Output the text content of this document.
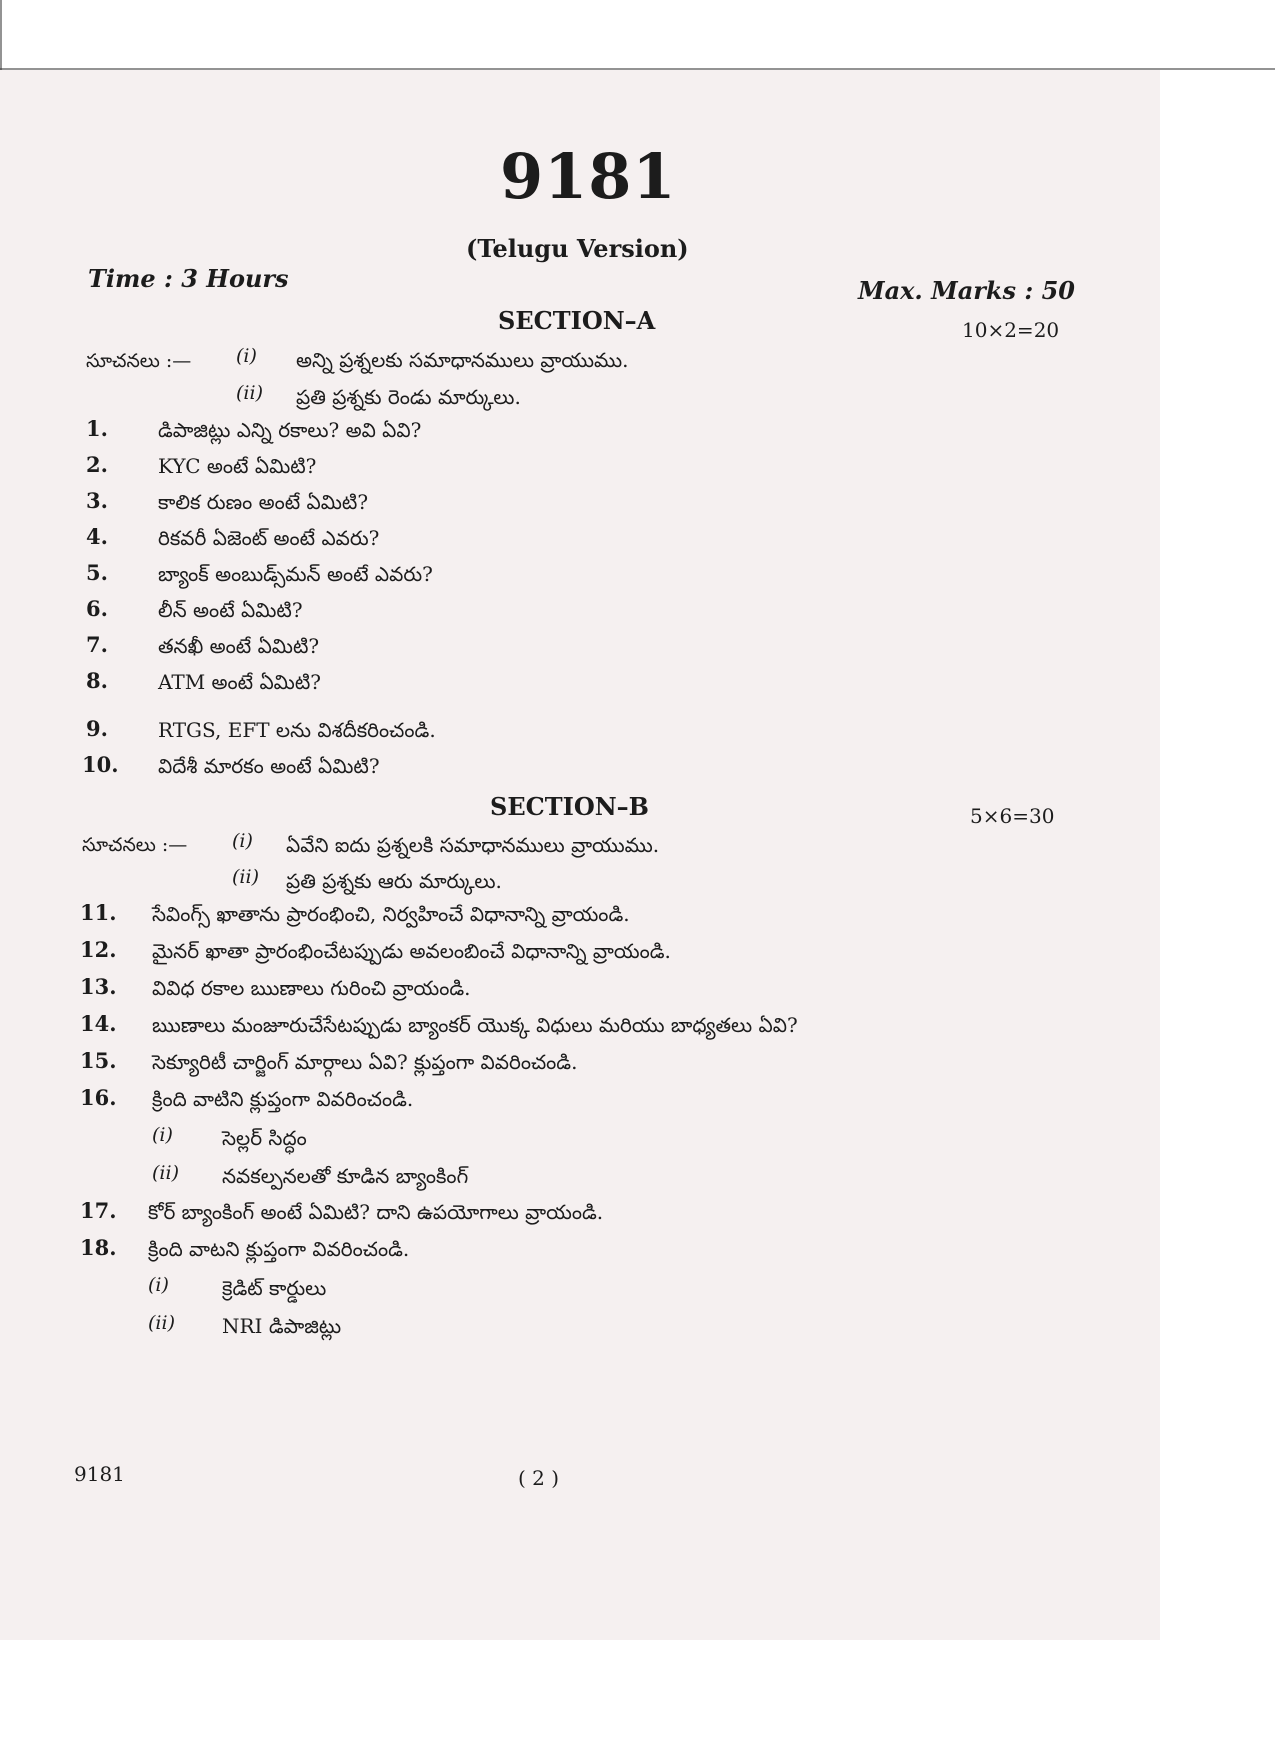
9181
(Telugu Version)
Time : 3 Hours	Max. Marks : 50
SECTION–A	10×2=20
సూచనలు :— (i) అన్ని ప్రశ్నలకు సమాధానములు వ్రాయుము.
(ii) ప్రతి ప్రశ్నకు రెండు మార్కులు.
1.	డిపాజిట్లు ఎన్ని రకాలు? అవి ఏవి?
2.	KYC అంటే ఏమిటి?
3.	కాలిక రుణం అంటే ఏమిటి?
4.	రికవరీ ఏజెంట్ అంటే ఎవరు?
5.	బ్యాంక్ అంబుడ్స్‌మన్ అంటే ఎవరు?
6.	లీన్ అంటే ఏమిటి?
7.	తనఖీ అంటే ఏమిటి?
8.	ATM అంటే ఏమిటి?
9.	RTGS, EFT లను విశదీకరించండి.
10. విదేశీ మారకం అంటే ఏమిటి?
SECTION–B	5×6=30
సూచనలు :— (i) ఏవేని ఐదు ప్రశ్నలకి సమాధానములు వ్రాయుము.
(ii) ప్రతి ప్రశ్నకు ఆరు మార్కులు.
11. సేవింగ్స్ ఖాతాను ప్రారంభించి, నిర్వహించే విధానాన్ని వ్రాయండి.
12. మైనర్ ఖాతా ప్రారంభించేటప్పుడు అవలంబించే విధానాన్ని వ్రాయండి.
13. వివిధ రకాల ఋణాలు గురించి వ్రాయండి.
14. ఋణాలు మంజూరుచేసేటప్పుడు బ్యాంకర్ యొక్క విధులు మరియు బాధ్యతలు ఏవి?
15. సెక్యూరిటీ చార్జింగ్ మార్గాలు ఏవి? క్లుప్తంగా వివరించండి.
16. క్రింది వాటిని క్లుప్తంగా వివరించండి.
(i) సెల్లర్ సిద్ధం
(ii) నవకల్పనలతో కూడిన బ్యాంకింగ్
17. కోర్ బ్యాంకింగ్ అంటే ఏమిటి? దాని ఉపయోగాలు వ్రాయండి.
18. క్రింది వాటని క్లుప్తంగా వివరించండి.
(i)	క్రెడిట్ కార్డులు
(ii) NRI డిపాజిట్లు
9181	( 2 )
